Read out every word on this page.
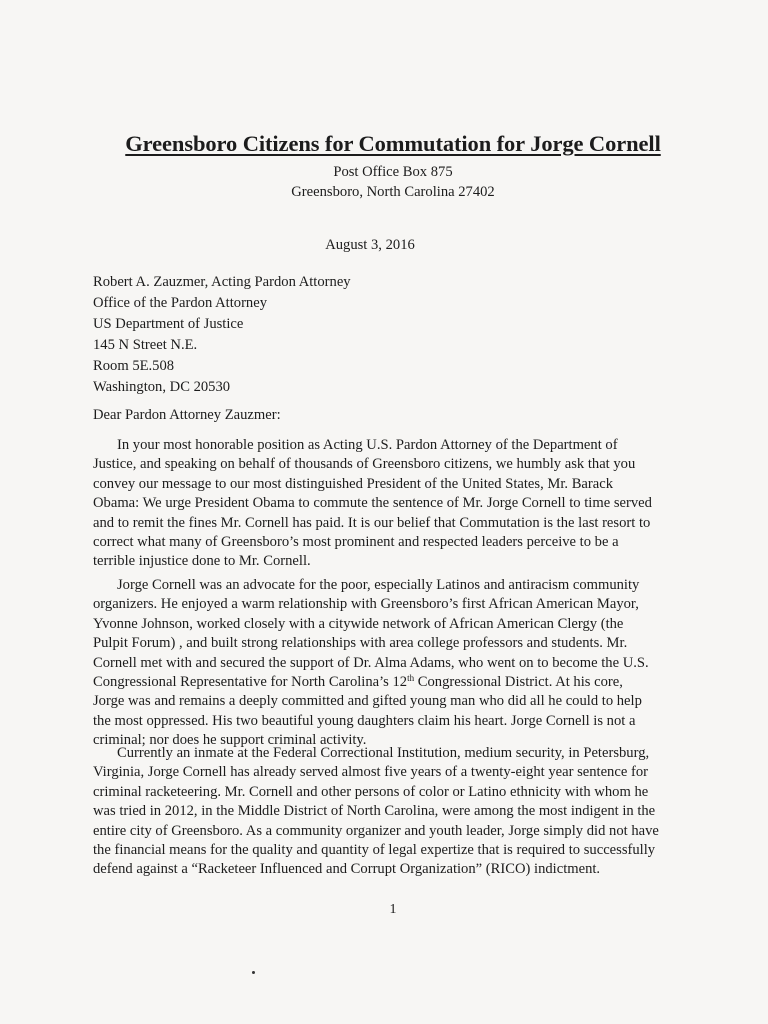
Greensboro Citizens for Commutation for Jorge Cornell
Post Office Box 875
Greensboro, North Carolina 27402
August 3, 2016
Robert A. Zauzmer, Acting Pardon Attorney
Office of the Pardon Attorney
US Department of Justice
145 N Street N.E.
Room 5E.508
Washington, DC 20530
Dear Pardon Attorney Zauzmer:
In your most honorable position as Acting U.S. Pardon Attorney of the Department of
Justice, and speaking on behalf of thousands of Greensboro citizens, we humbly ask that you
convey our message to our most distinguished President of the United States, Mr. Barack
Obama: We urge President Obama to commute the sentence of Mr. Jorge Cornell to time served
and to remit the fines Mr. Cornell has paid. It is our belief that Commutation is the last resort to
correct what many of Greensboro’s most prominent and respected leaders perceive to be a
terrible injustice done to Mr. Cornell.
Jorge Cornell was an advocate for the poor, especially Latinos and antiracism community
organizers. He enjoyed a warm relationship with Greensboro’s first African American Mayor,
Yvonne Johnson, worked closely with a citywide network of African American Clergy (the
Pulpit Forum) , and built strong relationships with area college professors and students. Mr.
Cornell met with and secured the support of Dr. Alma Adams, who went on to become the U.S.
Congressional Representative for North Carolina’s 12th Congressional District. At his core,
Jorge was and remains a deeply committed and gifted young man who did all he could to help
the most oppressed. His two beautiful young daughters claim his heart. Jorge Cornell is not a
criminal; nor does he support criminal activity.
Currently an inmate at the Federal Correctional Institution, medium security, in Petersburg,
Virginia, Jorge Cornell has already served almost five years of a twenty-eight year sentence for
criminal racketeering. Mr. Cornell and other persons of color or Latino ethnicity with whom he
was tried in 2012, in the Middle District of North Carolina, were among the most indigent in the
entire city of Greensboro. As a community organizer and youth leader, Jorge simply did not have
the financial means for the quality and quantity of legal expertize that is required to successfully
defend against a “Racketeer Influenced and Corrupt Organization” (RICO) indictment.
1
